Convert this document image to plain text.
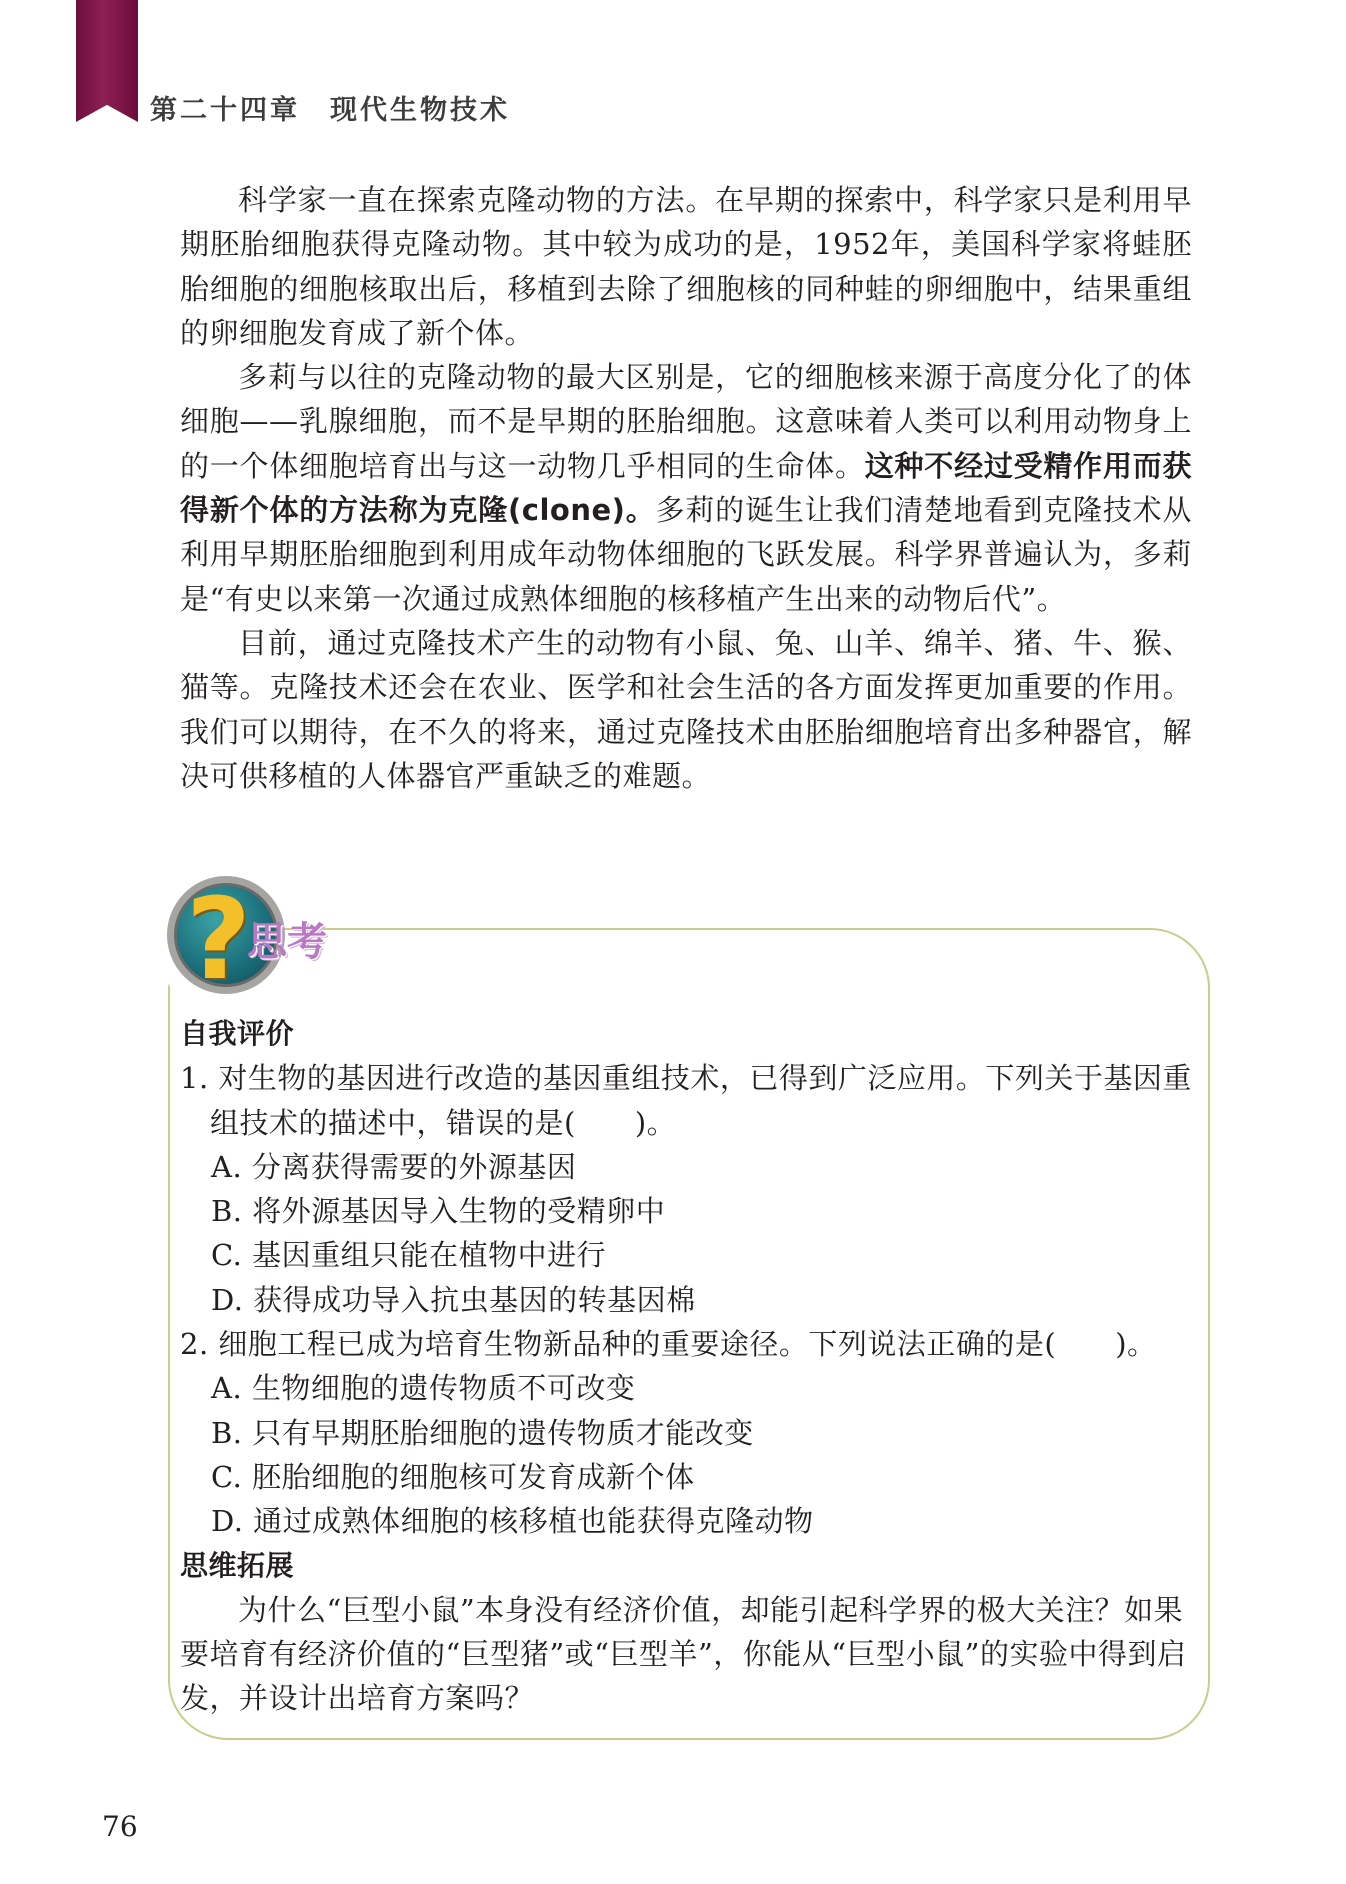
第二十四章　 现代生物技术

科学家一直在探索克隆动物的方法。在早期的探索中，科学家只是利用早期胚胎细胞获得克隆动物。其中较为成功的是，1952年，美国科学家将蛙胚胎细胞的细胞核取出后，移植到去除了细胞核的同种蛙的卵细胞中，结果重组的卵细胞发育成了新个体。

多莉与以往的克隆动物的最大区别是，它的细胞核来源于高度分化了的体细胞——乳腺细胞，而不是早期的胚胎细胞。这意味着人类可以利用动物身上的一个体细胞培育出与这一动物几乎相同的生命体。这种不经过受精作用而获得新个体的方法称为克隆(clone)。多莉的诞生让我们清楚地看到克隆技术从利用早期胚胎细胞到利用成年动物体细胞的飞跃发展。科学界普遍认为，多莉是“有史以来第一次通过成熟体细胞的核移植产生出来的动物后代”。

目前，通过克隆技术产生的动物有小鼠、兔、山羊、绵羊、猪、牛、猴、猫等。克隆技术还会在农业、医学和社会生活的各方面发挥更加重要的作用。我们可以期待，在不久的将来，通过克隆技术由胚胎细胞培育出多种器官，解决可供移植的人体器官严重缺乏的难题。

?
思考
自我评价
1. 对生物的基因进行改造的基因重组技术，已得到广泛应用。下列关于基因重组技术的描述中，错误的是(　　)。
A. 分离获得需要的外源基因
B. 将外源基因导入生物的受精卵中
C. 基因重组只能在植物中进行
D. 获得成功导入抗虫基因的转基因棉
2. 细胞工程已成为培育生物新品种的重要途径。下列说法正确的是(　　)。
A. 生物细胞的遗传物质不可改变
B. 只有早期胚胎细胞的遗传物质才能改变
C. 胚胎细胞的细胞核可发育成新个体
D. 通过成熟体细胞的核移植也能获得克隆动物
思维拓展

为什么“巨型小鼠”本身没有经济价值，却能引起科学界的极大关注？如果要培育有经济价值的“巨型猪”或“巨型羊”，你能从“巨型小鼠”的实验中得到启发，并设计出培育方案吗？

76
